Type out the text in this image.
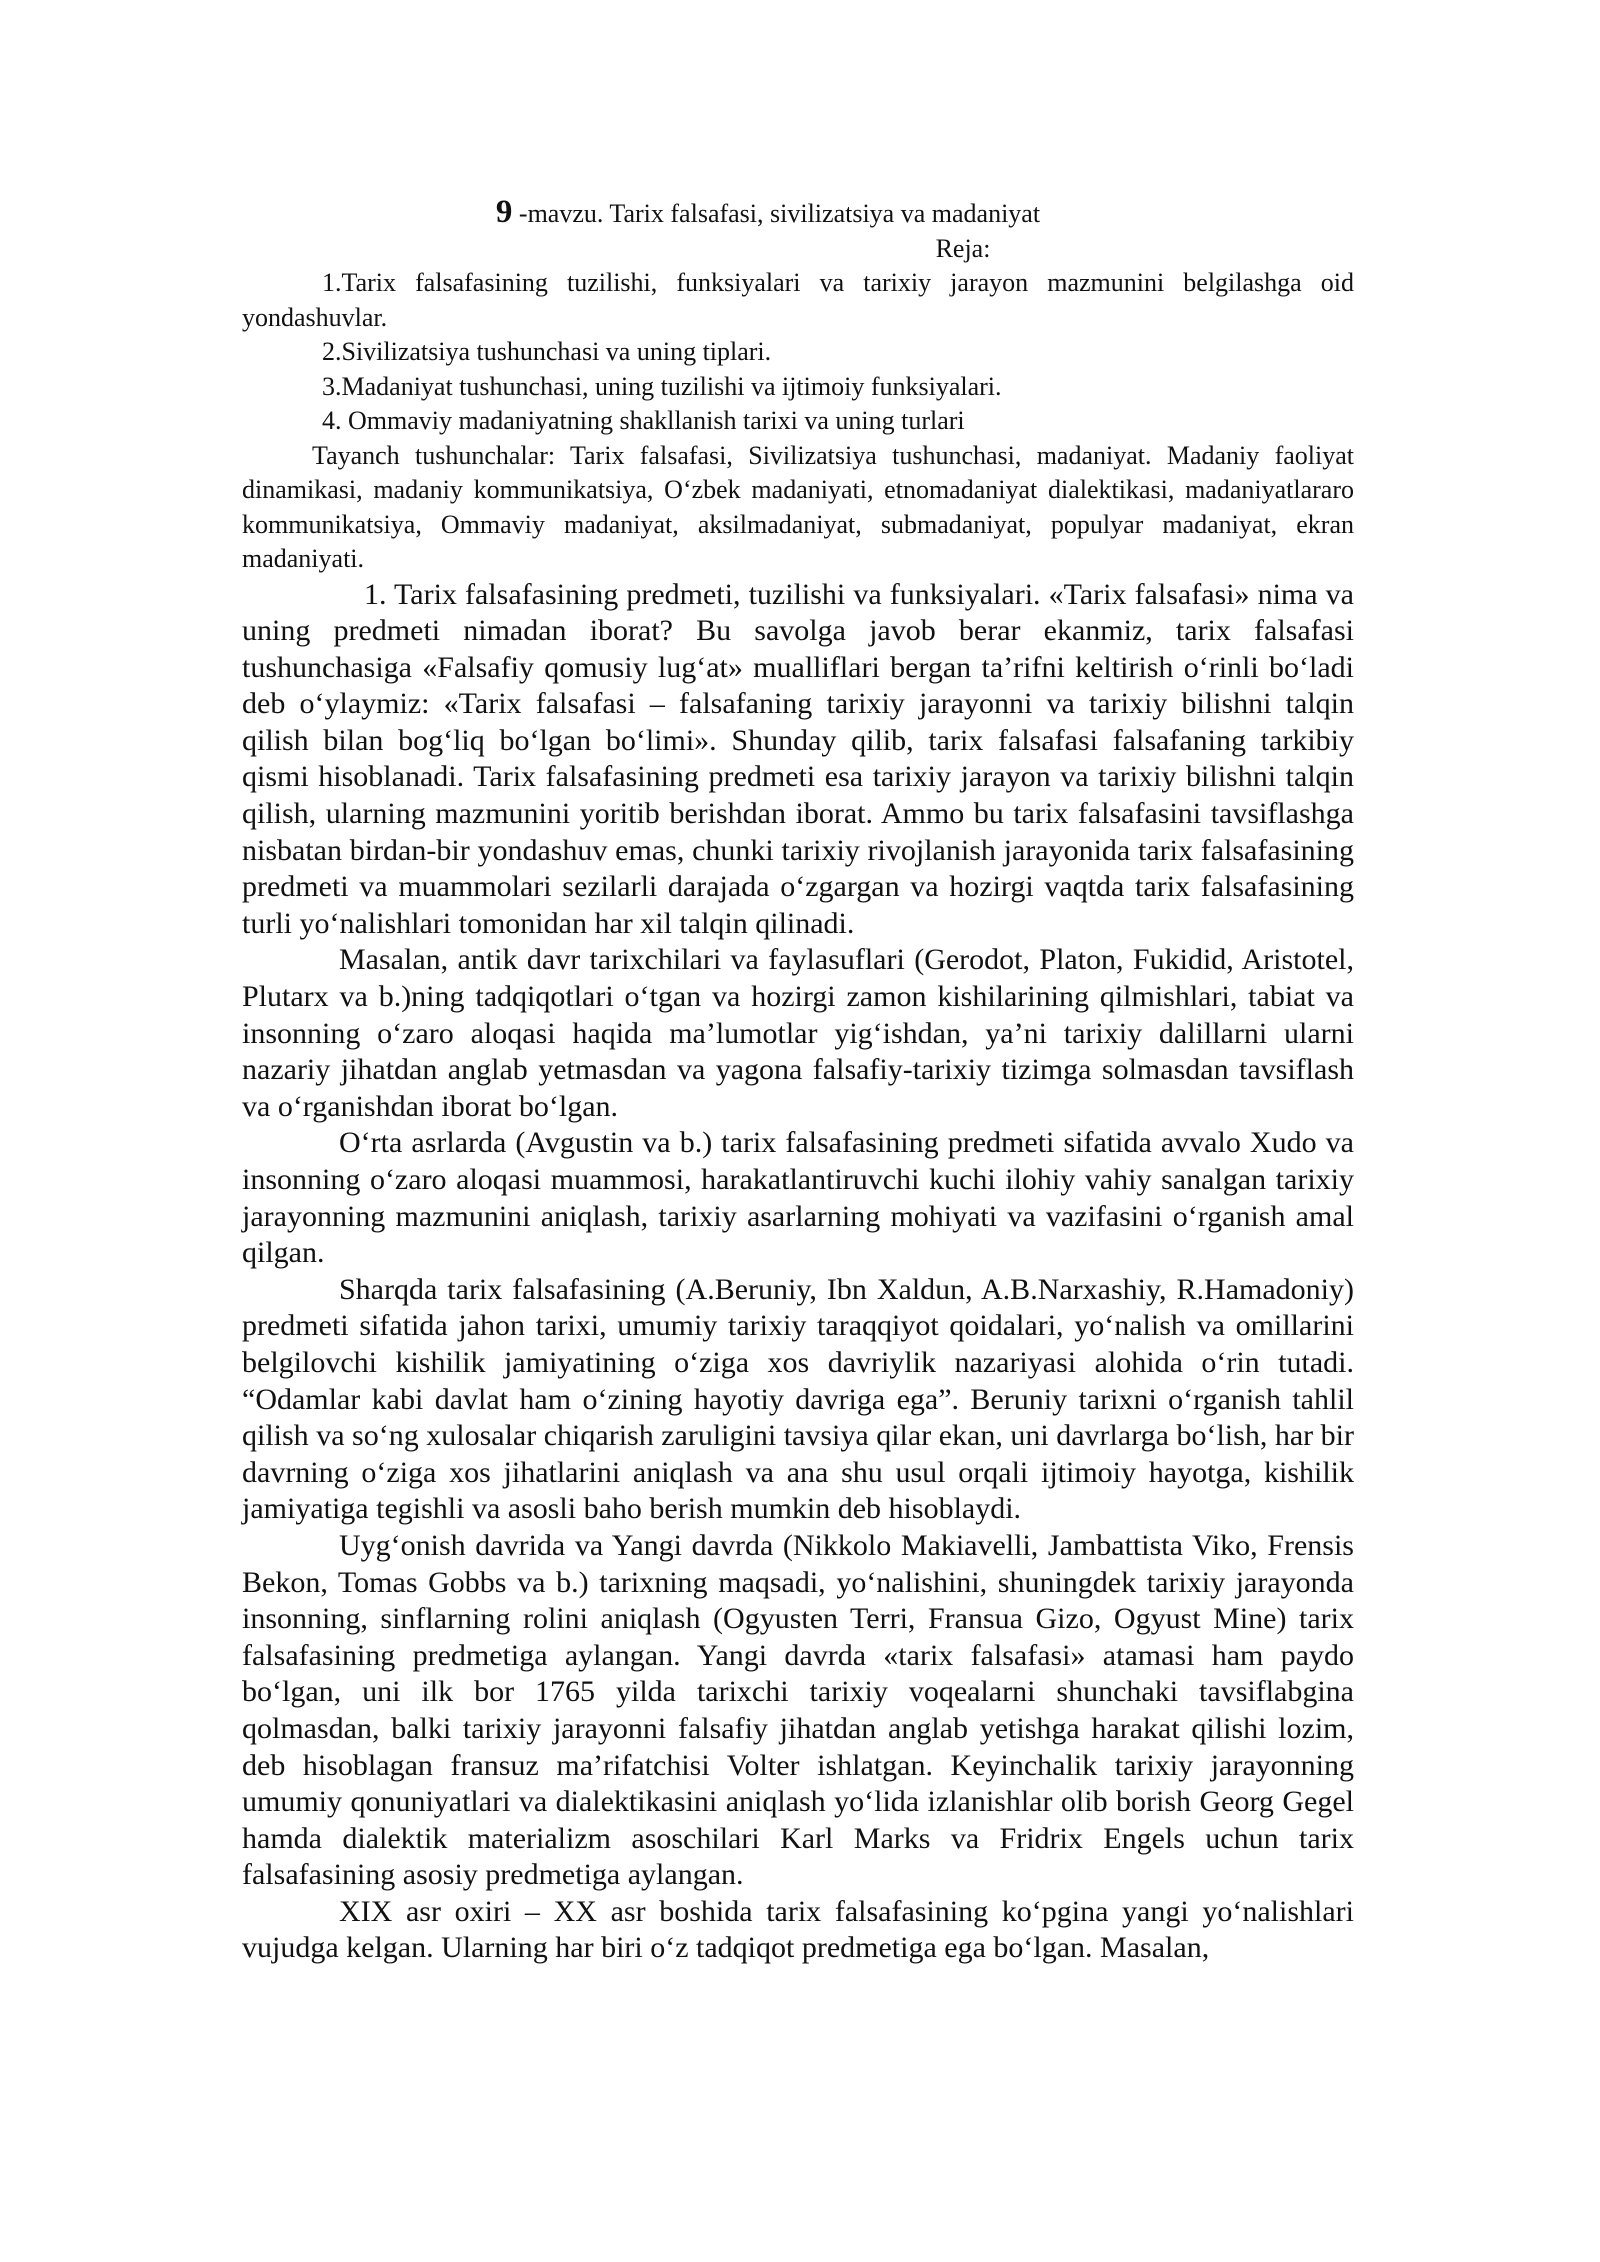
9 -mavzu. Tarix falsafasi, sivilizatsiya va madaniyat

Reja:

1.Tarix falsafasining tuzilishi, funksiyalari va tarixiy jarayon mazmunini belgilashga oid yondashuvlar.

2.Sivilizatsiya tushunchasi va uning tiplari.

3.Madaniyat tushunchasi, uning tuzilishi va ijtimoiy funksiyalari.

4. Ommaviy madaniyatning shakllanish tarixi va uning turlari

Tayanch tushunchalar: Tarix falsafasi, Sivilizatsiya tushunchasi, madaniyat. Madaniy faoliyat dinamikasi, madaniy kommunikatsiya, O‘zbek madaniyati, etnomadaniyat dialektikasi, madaniyatlararo kommunikatsiya, Ommaviy madaniyat, aksilmadaniyat, submadaniyat, populyar madaniyat, ekran madaniyati.

1. Tarix falsafasining predmeti, tuzilishi va funksiyalari. «Tarix falsafasi» nima va uning predmeti nimadan iborat? Bu savolga javob berar ekanmiz, tarix falsafasi tushunchasiga «Falsafiy qomusiy lug‘at» mualliflari bergan ta’rifni keltirish o‘rinli bo‘ladi deb o‘ylaymiz: «Tarix falsafasi – falsafaning tarixiy jarayonni va tarixiy bilishni talqin qilish bilan bog‘liq bo‘lgan bo‘limi». Shunday qilib, tarix falsafasi falsafaning tarkibiy qismi hisoblanadi. Tarix falsafasining predmeti esa tarixiy jarayon va tarixiy bilishni talqin qilish, ularning mazmunini yoritib berishdan iborat. Ammo bu tarix falsafasini tavsiflashga nisbatan birdan-bir yondashuv emas, chunki tarixiy rivojlanish jarayonida tarix falsafasining predmeti va muammolari sezilarli darajada o‘zgargan va hozirgi vaqtda tarix falsafasining turli yo‘nalishlari tomonidan har xil talqin qilinadi.

Masalan, antik davr tarixchilari va faylasuflari (Gerodot, Platon, Fukidid, Aristotel, Plutarx va b.)ning tadqiqotlari o‘tgan va hozirgi zamon kishilarining qilmishlari, tabiat va insonning o‘zaro aloqasi haqida ma’lumotlar yig‘ishdan, ya’ni tarixiy dalillarni ularni nazariy jihatdan anglab yetmasdan va yagona falsafiy-tarixiy tizimga solmasdan tavsiflash va o‘rganishdan iborat bo‘lgan.

O‘rta asrlarda (Avgustin va b.) tarix falsafasining predmeti sifatida avvalo Xudo va insonning o‘zaro aloqasi muammosi, harakatlantiruvchi kuchi ilohiy vahiy sanalgan tarixiy jarayonning mazmunini aniqlash, tarixiy asarlarning mohiyati va vazifasini o‘rganish amal qilgan.

Sharqda tarix falsafasining (A.Beruniy, Ibn Xaldun, A.B.Narxashiy, R.Hamadoniy) predmeti sifatida jahon tarixi, umumiy tarixiy taraqqiyot qoidalari, yo‘nalish va omillarini belgilovchi kishilik jamiyatining o‘ziga xos davriylik nazariyasi alohida o‘rin tutadi. “Odamlar kabi davlat ham o‘zining hayotiy davriga ega”. Beruniy tarixni o‘rganish tahlil qilish va so‘ng xulosalar chiqarish zaruligini tavsiya qilar ekan, uni davrlarga bo‘lish, har bir davrning o‘ziga xos jihatlarini aniqlash va ana shu usul orqali ijtimoiy hayotga, kishilik jamiyatiga tegishli va asosli baho berish mumkin deb hisoblaydi.

Uyg‘onish davrida va Yangi davrda (Nikkolo Makiavelli, Jambattista Viko, Frensis Bekon, Tomas Gobbs va b.) tarixning maqsadi, yo‘nalishini, shuningdek tarixiy jarayonda insonning, sinflarning rolini aniqlash (Ogyusten Terri, Fransua Gizo, Ogyust Mine) tarix falsafasining predmetiga aylangan. Yangi davrda «tarix falsafasi» atamasi ham paydo bo‘lgan, uni ilk bor 1765 yilda tarixchi tarixiy voqealarni shunchaki tavsiflabgina qolmasdan, balki tarixiy jarayonni falsafiy jihatdan anglab yetishga harakat qilishi lozim, deb hisoblagan fransuz ma’rifatchisi Volter ishlatgan. Keyinchalik tarixiy jarayonning umumiy qonuniyatlari va dialektikasini aniqlash yo‘lida izlanishlar olib borish Georg Gegel hamda dialektik materializm asoschilari Karl Marks va Fridrix Engels uchun tarix falsafasining asosiy predmetiga aylangan.

XIX asr oxiri – XX asr boshida tarix falsafasining ko‘pgina yangi yo‘nalishlari vujudga kelgan. Ularning har biri o‘z tadqiqot predmetiga ega bo‘lgan. Masalan,
